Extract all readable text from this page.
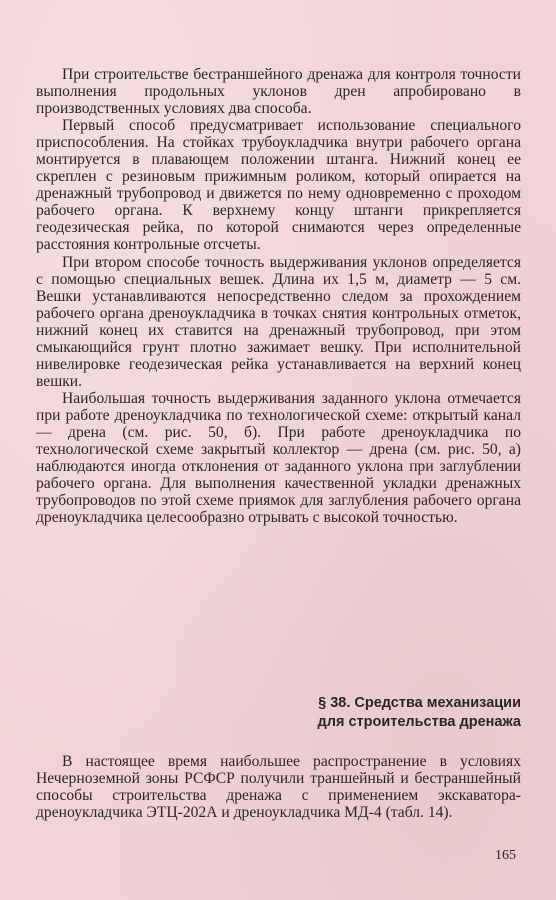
При строительстве бестраншейного дренажа для контроля точности выполнения продольных уклонов дрен апробировано в производственных условиях два способа.

Первый способ предусматривает использование специального приспособления. На стойках трубоукладчика внутри рабочего органа монтируется в плавающем положении штанга. Нижний конец ее скреплен с резиновым прижимным роликом, который опирается на дренажный трубопровод и движется по нему одновременно с проходом рабочего органа. К верхнему концу штанги прикрепляется геодезическая рейка, по которой снимаются через определенные расстояния контрольные отсчеты.

При втором способе точность выдерживания уклонов определяется с помощью специальных вешек. Длина их 1,5 м, диаметр — 5 см. Вешки устанавливаются непосредственно следом за прохождением рабочего органа дреноукладчика в точках снятия контрольных отметок, нижний конец их ставится на дренажный трубопровод, при этом смыкающийся грунт плотно зажимает вешку. При исполнительной нивелировке геодезическая рейка устанавливается на верхний конец вешки.

Наибольшая точность выдерживания заданного уклона отмечается при работе дреноукладчика по технологической схеме: открытый канал — дрена (см. рис. 50, б). При работе дреноукладчика по технологической схеме закрытый коллектор — дрена (см. рис. 50, а) наблюдаются иногда отклонения от заданного уклона при заглублении рабочего органа. Для выполнения качественной укладки дренажных трубопроводов по этой схеме приямок для заглубления рабочего органа дреноукладчика целесообразно отрывать с высокой точностью.

§ 38. Средства механизации
для строительства дренажа

В настоящее время наибольшее распространение в условиях Нечерноземной зоны РСФСР получили траншейный и бестраншейный способы строительства дренажа с применением экскаватора-дреноукладчика ЭТЦ-202А и дреноукладчика МД-4 (табл. 14).

165
